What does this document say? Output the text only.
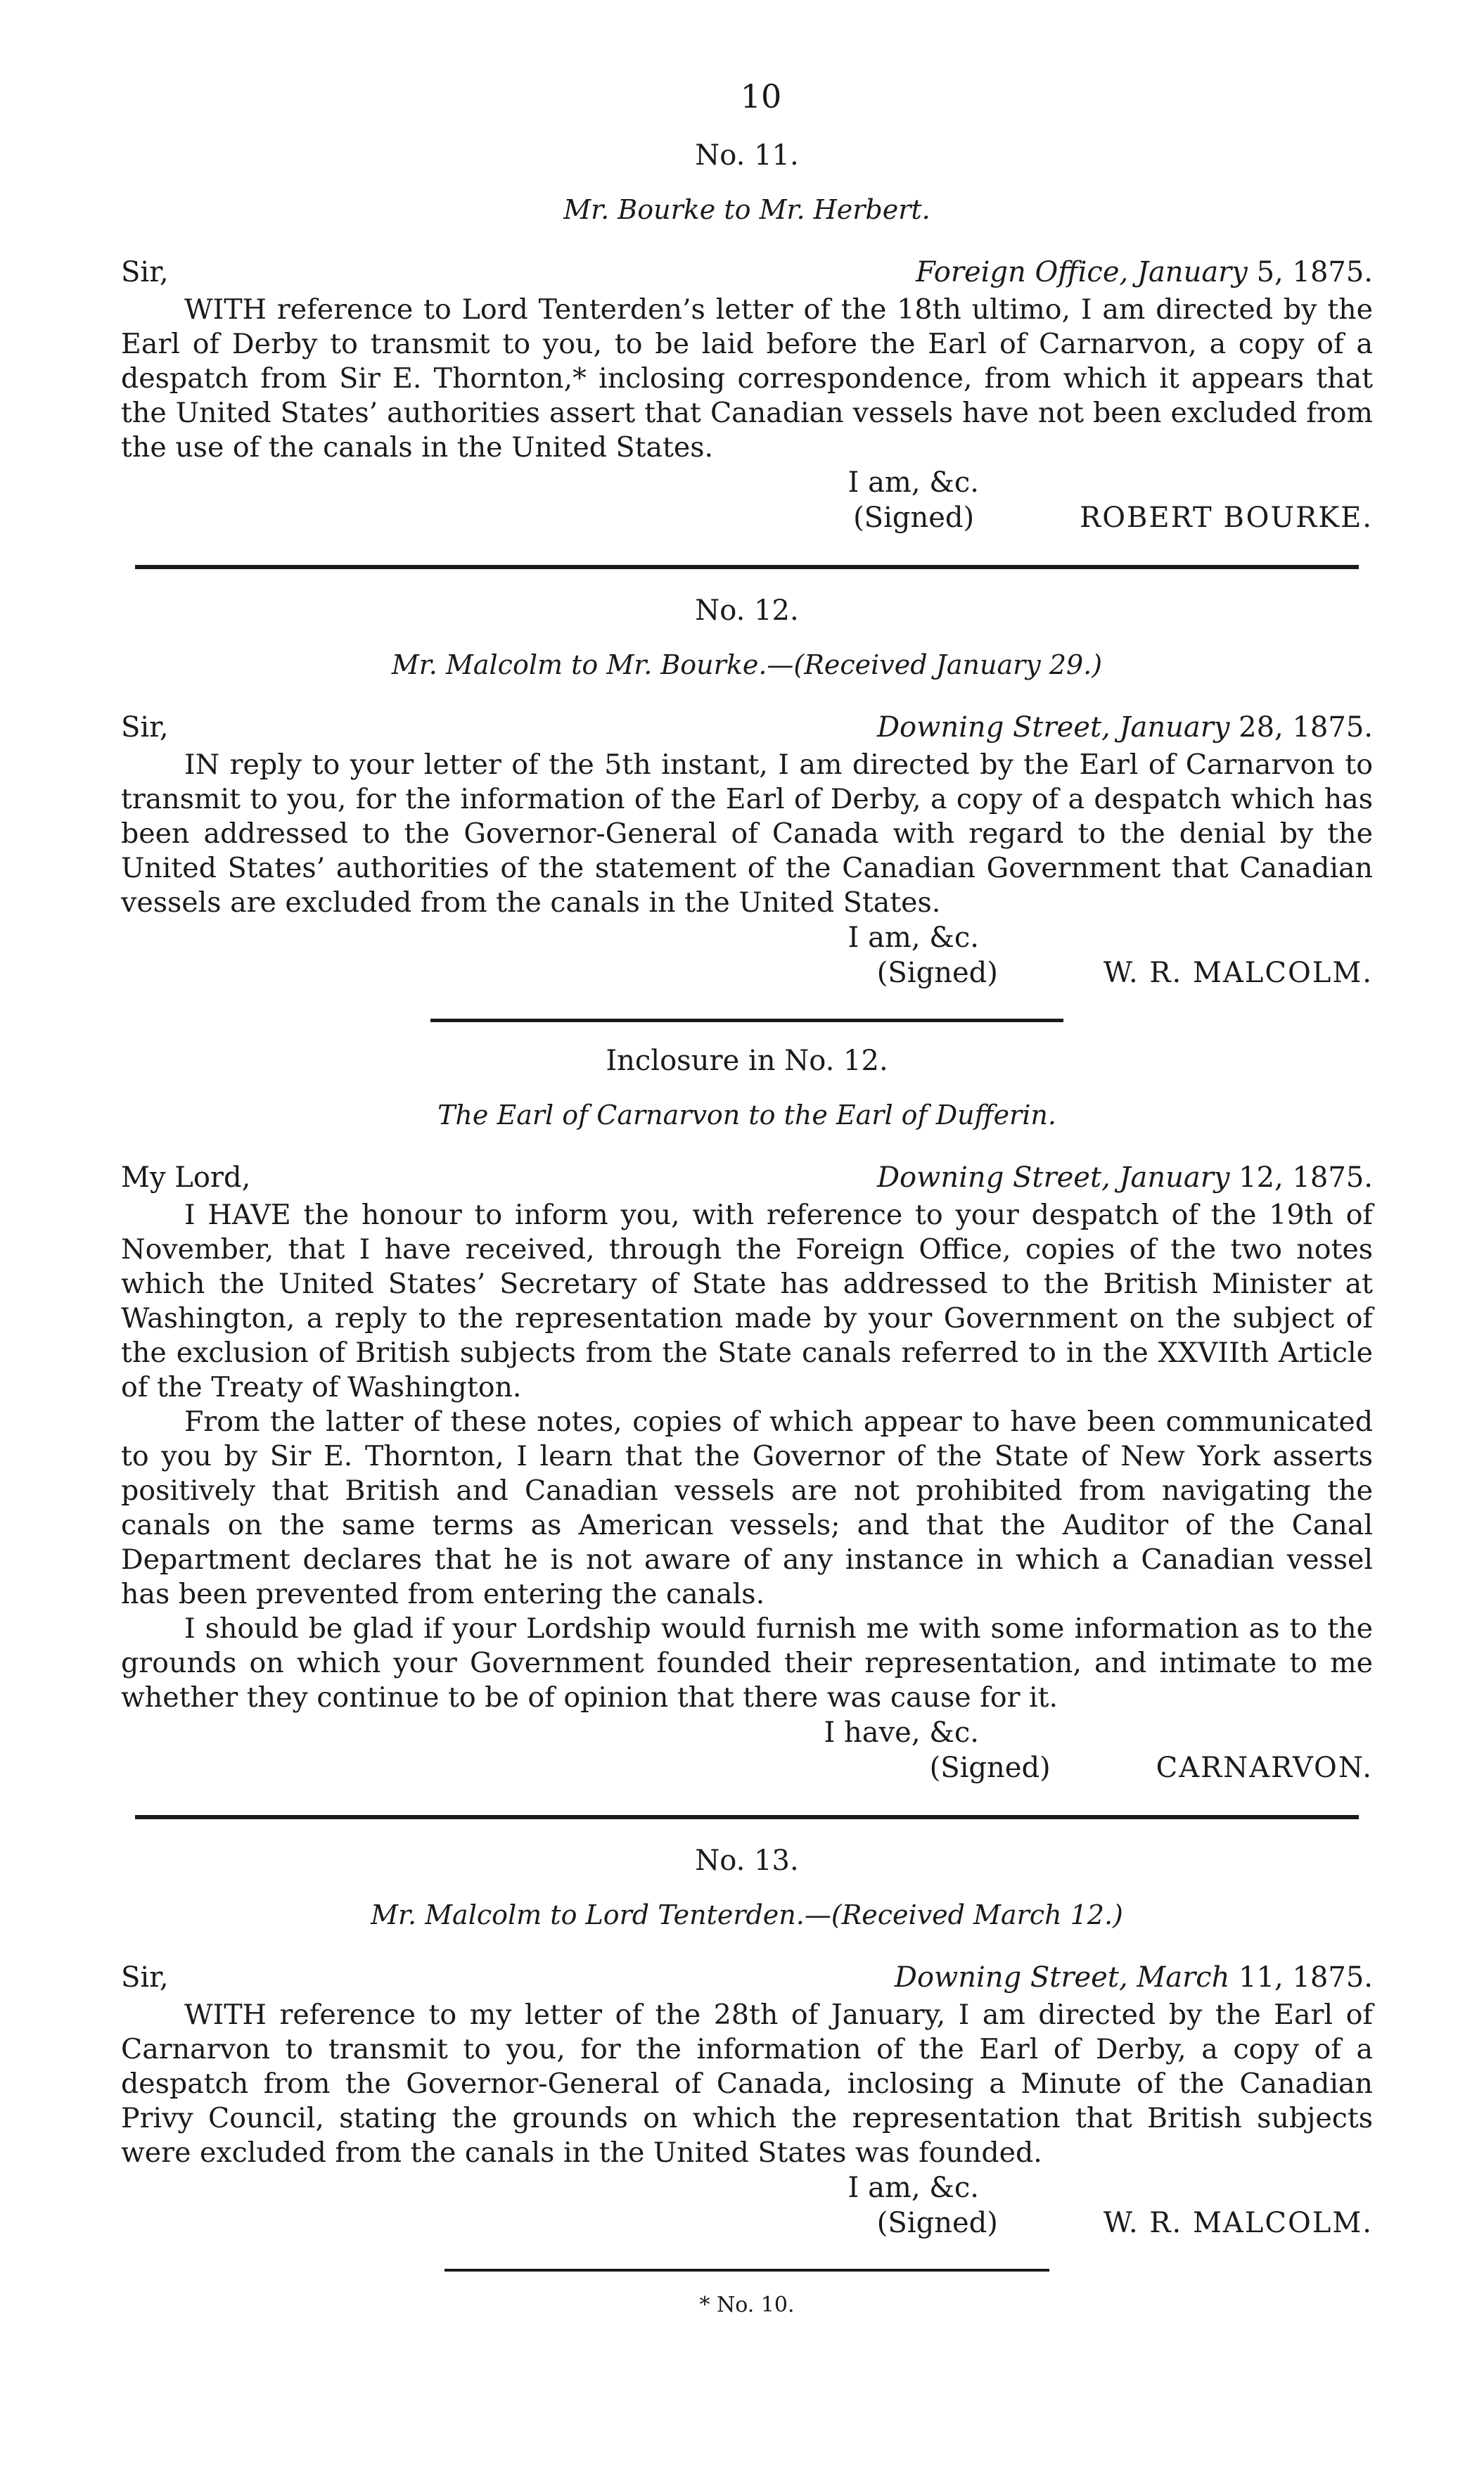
10
No. 11.
Mr. Bourke to Mr. Herbert.
Sir,	Foreign Office, January 5, 1875.

WITH reference to Lord Tenterden’s letter of the 18th ultimo, I am directed by the Earl of Derby to transmit to you, to be laid before the Earl of Carnarvon, a copy of a despatch from Sir E. Thornton,* inclosing correspondence, from which it appears that the United States’ authorities assert that Canadian vessels have not been excluded from the use of the canals in the United States.

I am, &c.
(Signed)	ROBERT BOURKE.
No. 12.
Mr. Malcolm to Mr. Bourke.—(Received January 29.)
Sir,	Downing Street, January 28, 1875.

IN reply to your letter of the 5th instant, I am directed by the Earl of Carnarvon to transmit to you, for the information of the Earl of Derby, a copy of a despatch which has been addressed to the Governor-General of Canada with regard to the denial by the United States’ authorities of the statement of the Canadian Government that Canadian vessels are excluded from the canals in the United States.

I am, &c.
(Signed)	W. R. MALCOLM.
Inclosure in No. 12.
The Earl of Carnarvon to the Earl of Dufferin.
My Lord,	Downing Street, January 12, 1875.

I HAVE the honour to inform you, with reference to your despatch of the 19th of November, that I have received, through the Foreign Office, copies of the two notes which the United States’ Secretary of State has addressed to the British Minister at Washington, a reply to the representation made by your Government on the subject of the exclusion of British subjects from the State canals referred to in the XXVIIth Article of the Treaty of Washington.

From the latter of these notes, copies of which appear to have been communicated to you by Sir E. Thornton, I learn that the Governor of the State of New York asserts positively that British and Canadian vessels are not prohibited from navigating the canals on the same terms as American vessels; and that the Auditor of the Canal Department declares that he is not aware of any instance in which a Canadian vessel has been prevented from entering the canals.

I should be glad if your Lordship would furnish me with some information as to the grounds on which your Government founded their representation, and intimate to me whether they continue to be of opinion that there was cause for it.

I have, &c.
(Signed)	CARNARVON.
No. 13.
Mr. Malcolm to Lord Tenterden.—(Received March 12.)
Sir,	Downing Street, March 11, 1875.

WITH reference to my letter of the 28th of January, I am directed by the Earl of Carnarvon to transmit to you, for the information of the Earl of Derby, a copy of a despatch from the Governor-General of Canada, inclosing a Minute of the Canadian Privy Council, stating the grounds on which the representation that British subjects were excluded from the canals in the United States was founded.

I am, &c.
(Signed)	W. R. MALCOLM.
* No. 10.
